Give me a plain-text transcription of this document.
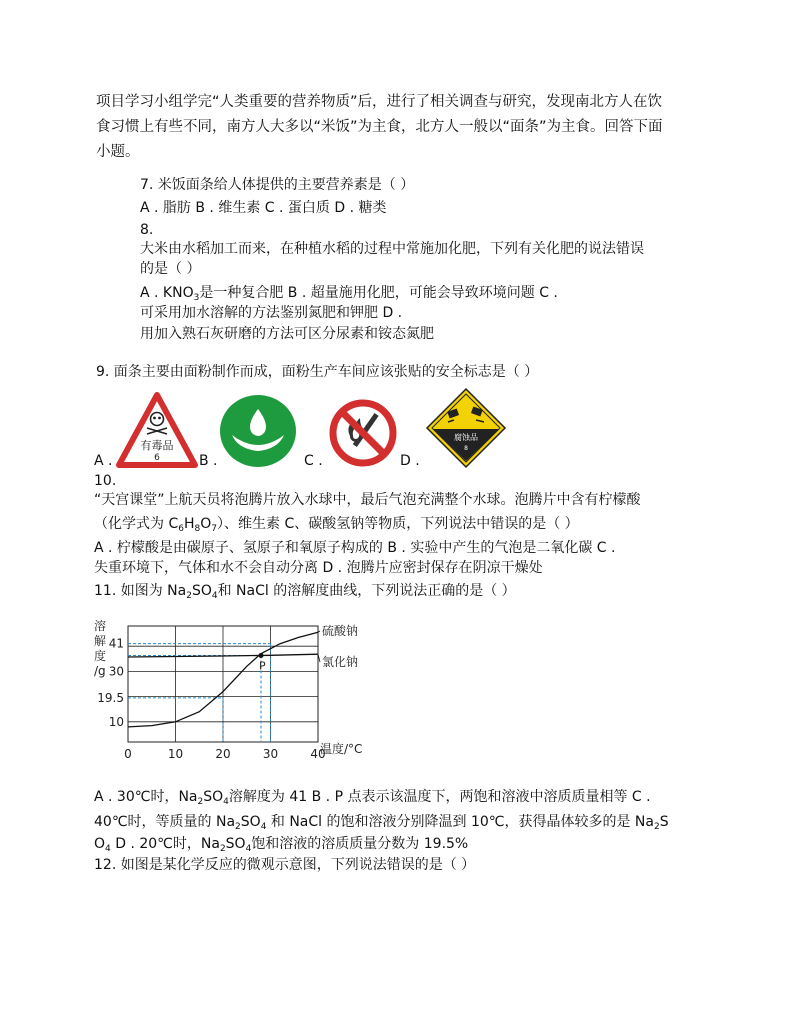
项目学习小组学完“人类重要的营养物质”后，进行了相关调查与研究，发现南北方人在饮
食习惯上有些不同，南方人大多以“米饭”为主食，北方人一般以“面条”为主食。回答下面
小题。
7. 米饭面条给人体提供的主要营养素是（ ）
A . 脂肪 B . 维生素 C . 蛋白质 D . 糖类
8.
大米由水稻加工而来，在种植水稻的过程中常施加化肥，下列有关化肥的说法错误
的是（ ）
A . $KNO_3$是一种复合肥 B . 超量施用化肥，可能会导致环境问题 C .
可采用加水溶解的方法鉴别氮肥和钾肥 D .
用加入熟石灰研磨的方法可区分尿素和铵态氮肥
9. 面条主要由面粉制作而成，面粉生产车间应该张贴的安全标志是（ ）
有毒品
6
A .	B .	C .
腐蚀品
8
D .
10.
“天宫课堂”上航天员将泡腾片放入水球中，最后气泡充满整个水球。泡腾片中含有柠檬酸
（化学式为 $C_6H_8O_7$）、维生素 C、碳酸氢钠等物质，下列说法中错误的是（ ）
A . 柠檬酸是由碳原子、氢原子和氧原子构成的 B . 实验中产生的气泡是二氧化碳 C .
失重环境下，气体和水不会自动分离 D . 泡腾片应密封保存在阴凉干燥处
11. 如图为 $Na_2SO_4$和 NaCl 的溶解度曲线，下列说法正确的是（ ）
0	10	20	30	40
10
19.5
30
41
溶解度/g
温度/°C
硫酸钠
氯化钠
P
A . 30℃时，$Na_2SO_4$溶解度为 41 B . P 点表示该温度下，两饱和溶液中溶质质量相等 C .
40℃时，等质量的 $Na_2SO_4$ 和 NaCl 的饱和溶液分别降温到 10℃，获得晶体较多的是 $Na_2S$
$O_4$ D . 20℃时，$Na_2SO_4$饱和溶液的溶质质量分数为 19.5%
12. 如图是某化学反应的微观示意图，下列说法错误的是（ ）
